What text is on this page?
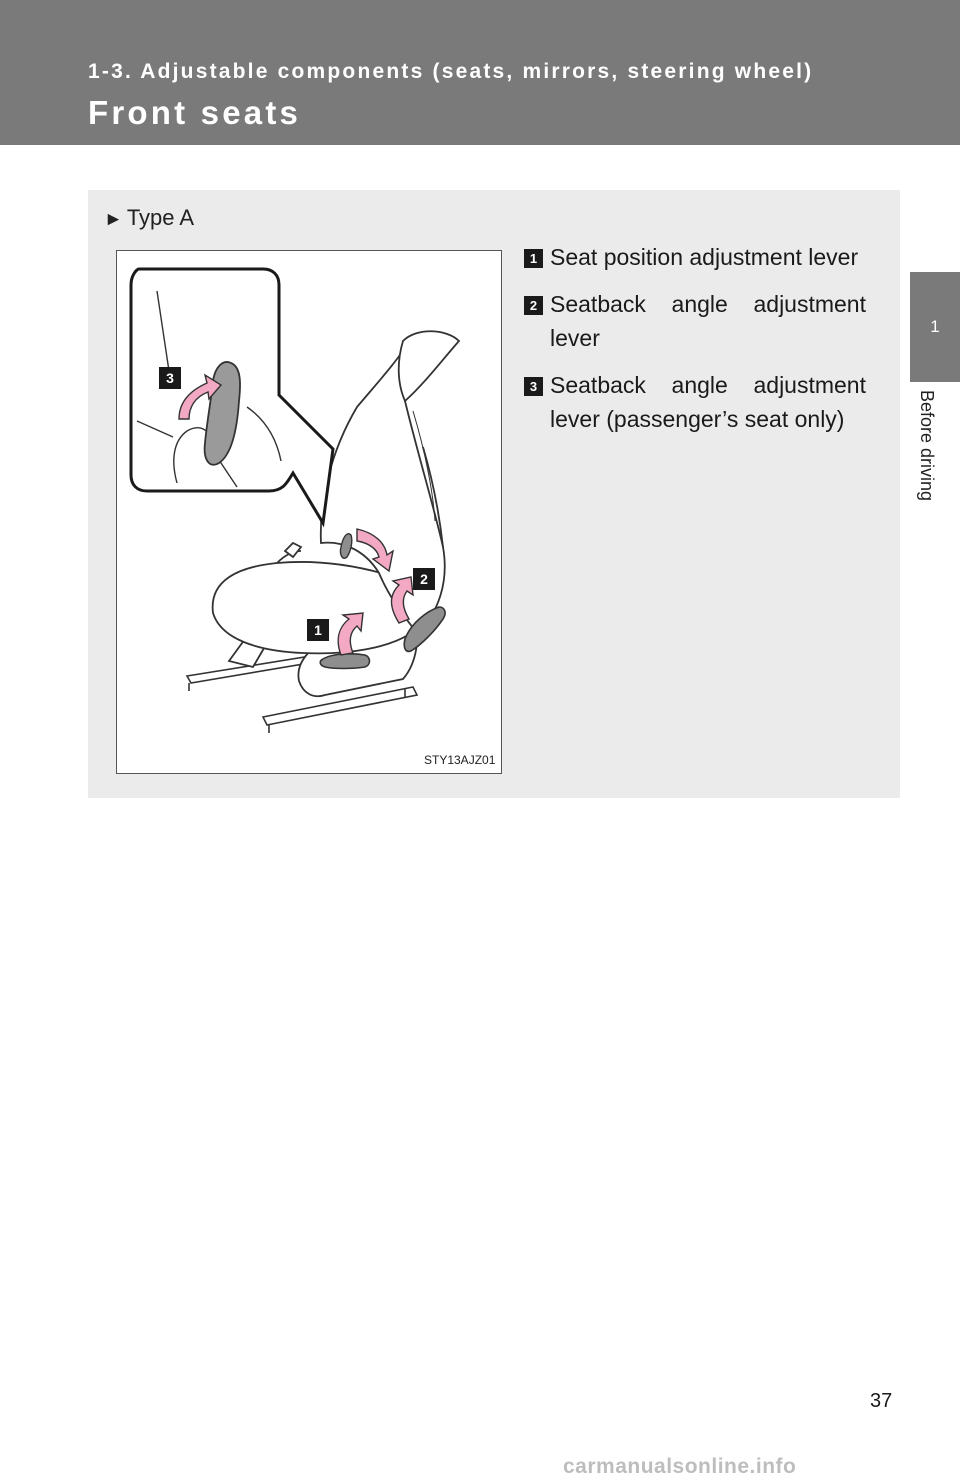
1-3. Adjustable components (seats, mirrors, steering wheel)
Front seats
1
Before driving
► Type A
3
2
1
STY13AJZ01
1 Seat position adjustment lever
2 Seatback angle adjustment lever
3 Seatback angle adjustment lever (passenger’s seat only)
37
carmanualsonline.info
